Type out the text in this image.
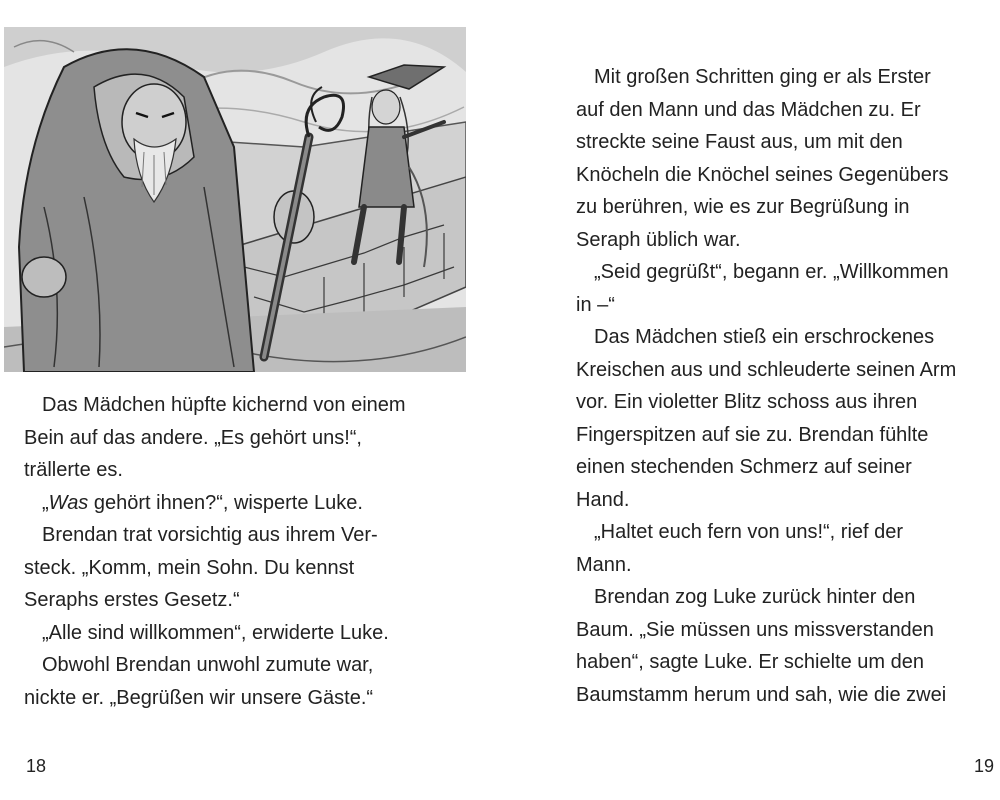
Das Mädchen hüpfte kichernd von einem

Bein auf das andere. „Es gehört uns!“,

trällerte es.

„Was gehört ihnen?“, wisperte Luke.

Brendan trat vorsichtig aus ihrem Ver-

steck. „Komm, mein Sohn. Du kennst

Seraphs erstes Gesetz.“

„Alle sind willkommen“, erwiderte Luke.

Obwohl Brendan unwohl zumute war,

nickte er. „Begrüßen wir unsere Gäste.“

18

Mit großen Schritten ging er als Erster

auf den Mann und das Mädchen zu. Er

streckte seine Faust aus, um mit den

Knöcheln die Knöchel seines Gegenübers

zu berühren, wie es zur Begrüßung in

Seraph üblich war.

„Seid gegrüßt“, begann er. „Willkommen

in –“

Das Mädchen stieß ein erschrockenes

Kreischen aus und schleuderte seinen Arm

vor. Ein violetter Blitz schoss aus ihren

Fingerspitzen auf sie zu. Brendan fühlte

einen stechenden Schmerz auf seiner

Hand.

„Haltet euch fern von uns!“, rief der

Mann.

Brendan zog Luke zurück hinter den

Baum. „Sie müssen uns missverstanden

haben“, sagte Luke. Er schielte um den

Baumstamm herum und sah, wie die zwei

19
